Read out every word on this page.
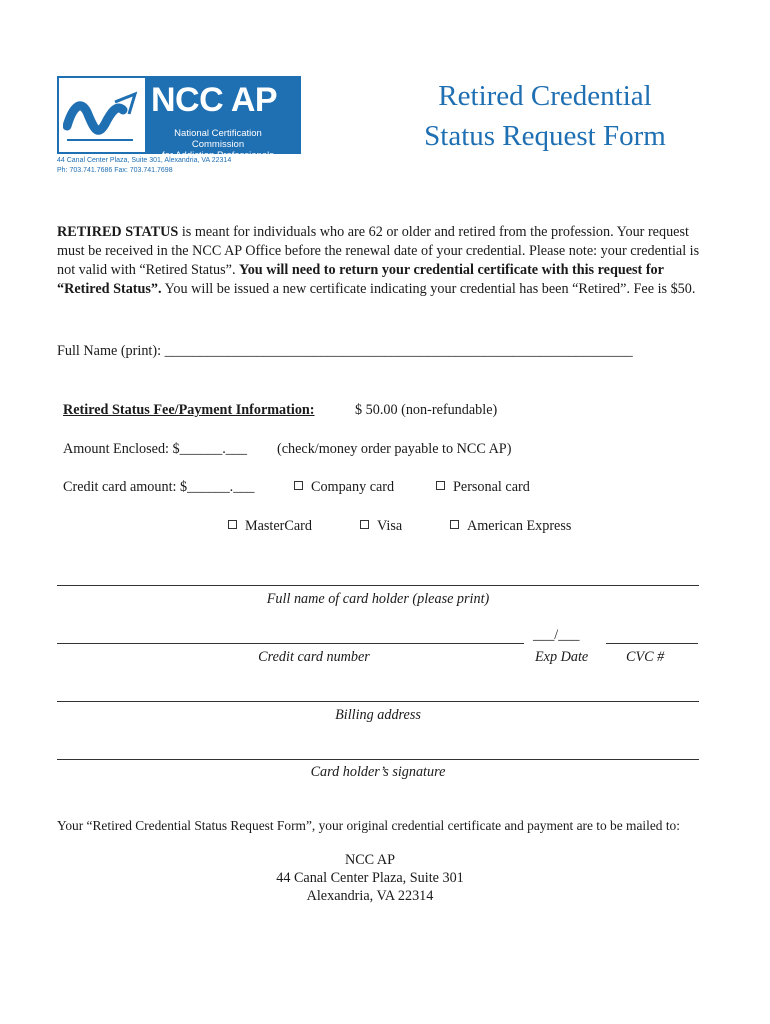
NCC AP
National Certification Commission
for Addiction Professionals
44 Canal Center Plaza, Suite 301, Alexandria, VA 22314
Ph: 703.741.7686 Fax: 703.741.7698
Retired Credential
Status Request Form
RETIRED STATUS is meant for individuals who are 62 or older and retired from the profession. Your request must be received in the NCC AP Office before the renewal date of your credential. Please note: your credential is not valid with “Retired Status”. You will need to return your credential certificate with this request for “Retired Status”. You will be issued a new certificate indicating your credential has been “Retired”. Fee is $50.
Full Name (print): __________________________________________________________________
Retired Status Fee/Payment Information:	$ 50.00 (non-refundable)
Amount Enclosed: $______.___ (check/money order payable to NCC AP)
Credit card amount: $______.___	Company card	Personal card
MasterCard	Visa	American Express
Full name of card holder (please print)
___/___
Credit card number	Exp Date	CVC #
Billing address
Card holder’s signature
Your “Retired Credential Status Request Form”, your original credential certificate and payment are to be mailed to:
NCC AP
44 Canal Center Plaza, Suite 301
Alexandria, VA 22314
